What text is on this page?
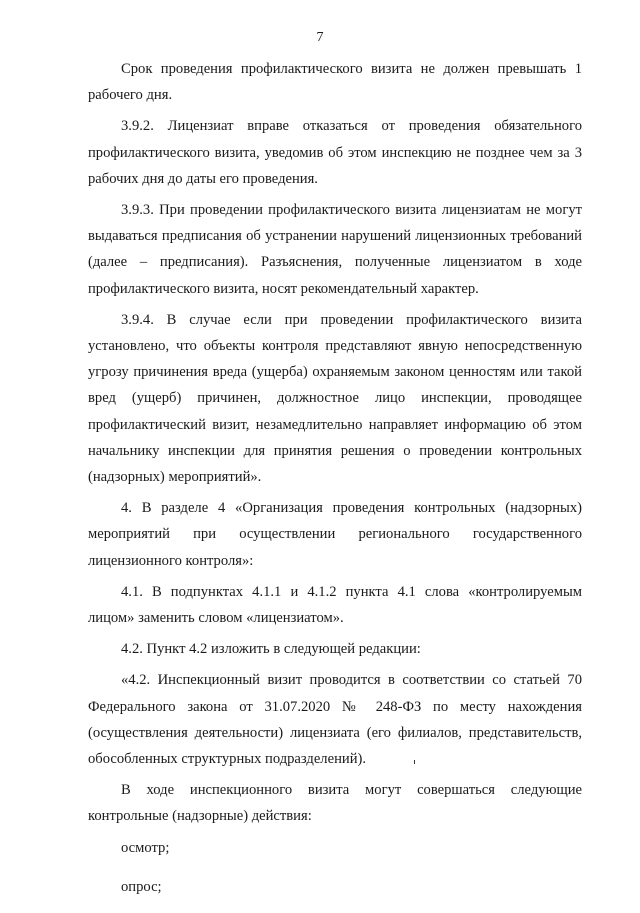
7

Срок проведения профилактического визита не должен превышать 1 рабочего дня.

3.9.2. Лицензиат вправе отказаться от проведения обязательного профилактического визита, уведомив об этом инспекцию не позднее чем за 3 рабочих дня до даты его проведения.

3.9.3. При проведении профилактического визита лицензиатам не могут выдаваться предписания об устранении нарушений лицензионных требований (далее – предписания). Разъяснения, полученные лицензиатом в ходе профилактического визита, носят рекомендательный характер.

3.9.4. В случае если при проведении профилактического визита установлено, что объекты контроля представляют явную непосредственную угрозу причинения вреда (ущерба) охраняемым законом ценностям или такой вред (ущерб) причинен, должностное лицо инспекции, проводящее профилактический визит, незамедлительно направляет информацию об этом начальнику инспекции для принятия решения о проведении контрольных (надзорных) мероприятий».

4. В разделе 4 «Организация проведения контрольных (надзорных) мероприятий при осуществлении регионального государственного лицензионного контроля»:

4.1. В подпунктах 4.1.1 и 4.1.2 пункта 4.1 слова «контролируемым лицом» заменить словом «лицензиатом».

4.2. Пункт 4.2 изложить в следующей редакции:

«4.2. Инспекционный визит проводится в соответствии со статьей 70 Федерального закона от 31.07.2020 № 248-ФЗ по месту нахождения (осуществления деятельности) лицензиата (его филиалов, представительств, обособленных структурных подразделений).

В ходе инспекционного визита могут совершаться следующие контрольные (надзорные) действия:

осмотр;

опрос;
